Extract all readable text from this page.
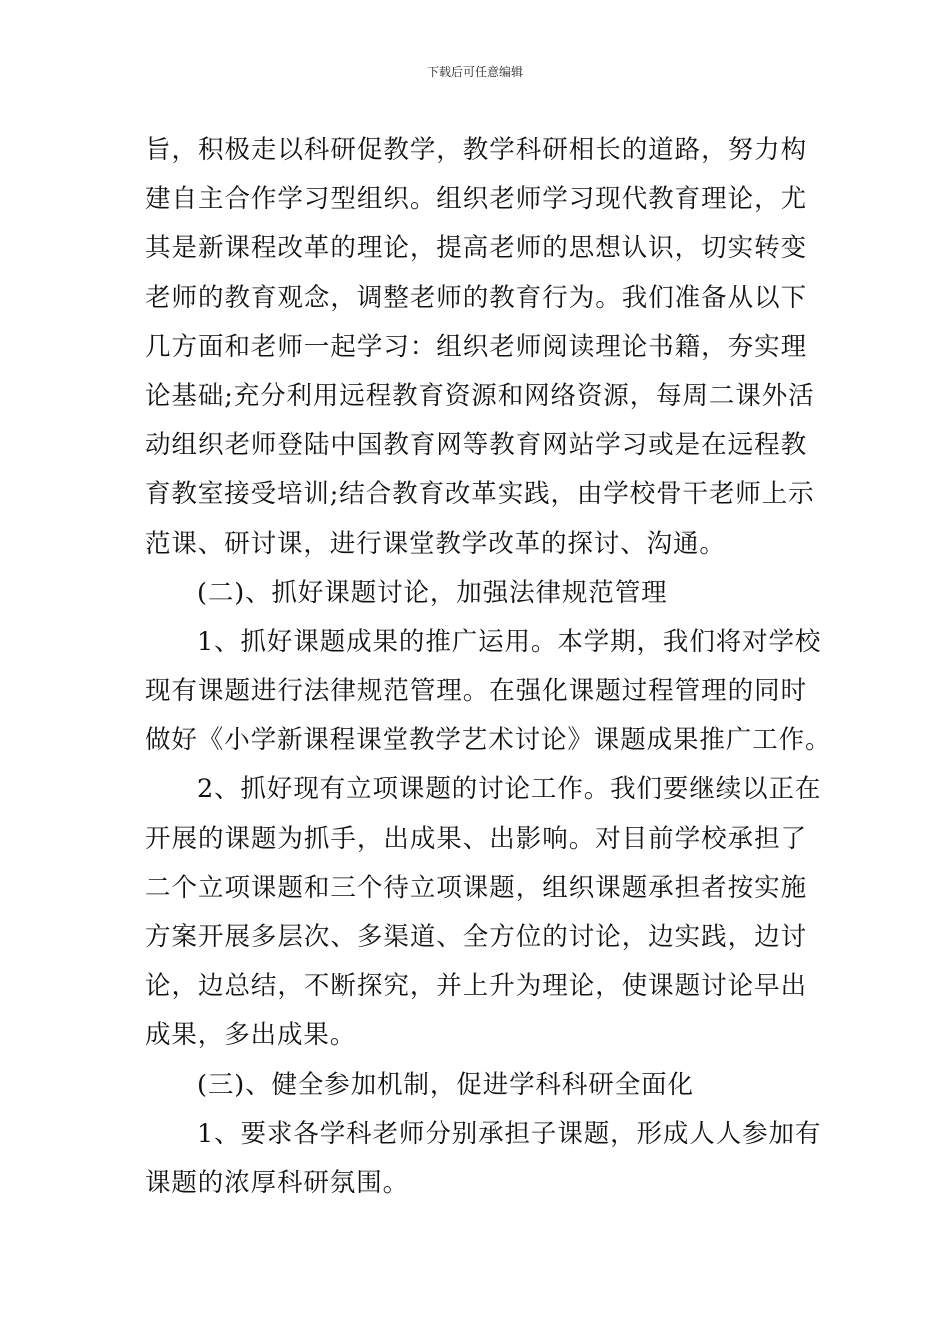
下载后可任意编辑
旨，积极走以科研促教学，教学科研相长的道路，努力构
建自主合作学习型组织。组织老师学习现代教育理论，尤
其是新课程改革的理论，提高老师的思想认识，切实转变
老师的教育观念，调整老师的教育行为。我们准备从以下
几方面和老师一起学习：组织老师阅读理论书籍，夯实理
论基础;充分利用远程教育资源和网络资源，每周二课外活
动组织老师登陆中国教育网等教育网站学习或是在远程教
育教室接受培训;结合教育改革实践，由学校骨干老师上示
范课、研讨课，进行课堂教学改革的探讨、沟通。
(二)、抓好课题讨论，加强法律规范管理
1、抓好课题成果的推广运用。本学期，我们将对学校
现有课题进行法律规范管理。在强化课题过程管理的同时
做好《小学新课程课堂教学艺术讨论》课题成果推广工作。
2、抓好现有立项课题的讨论工作。我们要继续以正在
开展的课题为抓手，出成果、出影响。对目前学校承担了
二个立项课题和三个待立项课题，组织课题承担者按实施
方案开展多层次、多渠道、全方位的讨论，边实践，边讨
论，边总结，不断探究，并上升为理论，使课题讨论早出
成果，多出成果。
(三)、健全参加机制，促进学科科研全面化
1、要求各学科老师分别承担子课题，形成人人参加有
课题的浓厚科研氛围。
